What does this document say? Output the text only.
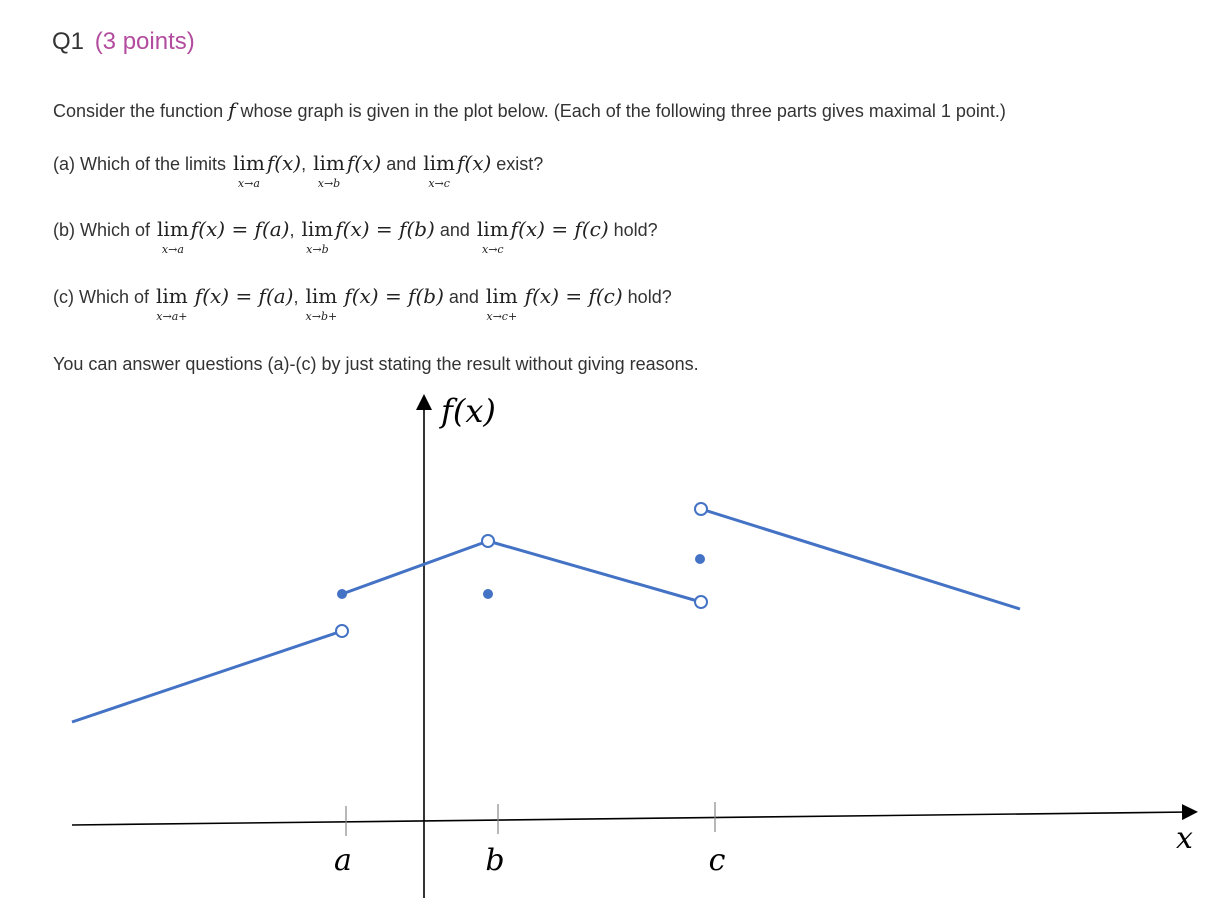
Q1 (3 points)
Consider the function f whose graph is given in the plot below. (Each of the following three parts gives maximal 1 point.)
(a) Which of the limits lim
x→a
f(x), lim
x→b
f(x) and lim
x→c
f(x) exist?
(b) Which of lim
x→a
f(x) = f(a), lim
x→b
f(x) = f(b) and lim
x→c
f(x) = f(c) hold?
(c) Which of lim
x→a+
f(x) = f(a), lim
x→b+
f(x) = f(b) and lim
x→c+
f(x) = f(c) hold?
You can answer questions (a)-(c) by just stating the result without giving reasons.
f(x)
x
a	b	c
